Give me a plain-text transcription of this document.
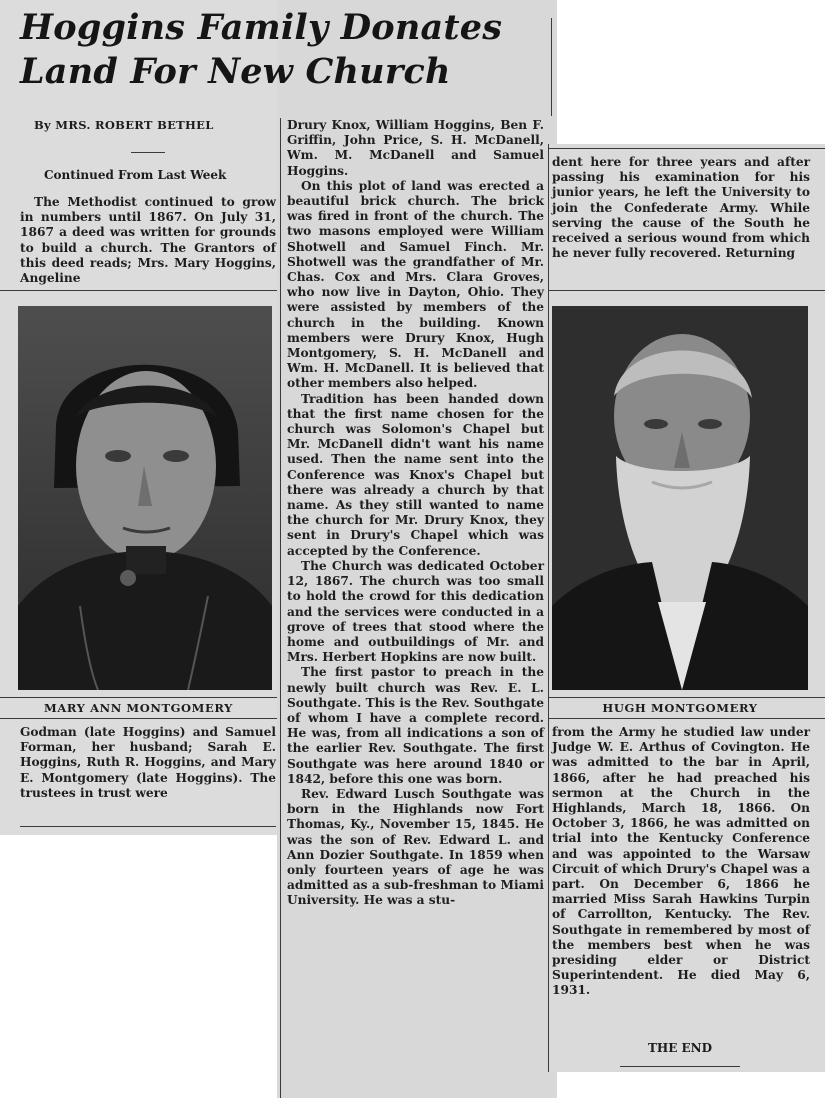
Hoggins Family Donates
Land For New Church
By MRS. ROBERT BETHEL
Continued From Last Week

The Methodist continued to grow in numbers until 1867. On July 31, 1867 a deed was written for grounds to build a church. The Grantors of this deed reads; Mrs. Mary Hoggins, Angeline

MARY ANN MONTGOMERY

Godman (late Hoggins) and Samuel Forman, her husband; Sarah E. Hoggins, Ruth R. Hoggins, and Mary E. Montgomery (late Hoggins). The trustees in trust were

Drury Knox, William Hoggins, Ben F. Griffin, John Price, S. H. McDanell, Wm. M. McDanell and Samuel Hoggins.

On this plot of land was erected a beautiful brick church. The brick was fired in front of the church. The two masons employed were William Shotwell and Samuel Finch. Mr. Shotwell was the grandfather of Mr. Chas. Cox and Mrs. Clara Groves, who now live in Dayton, Ohio. They were assisted by members of the church in the building. Known members were Drury Knox, Hugh Montgomery, S. H. McDanell and Wm. H. McDanell. It is believed that other members also helped.

Tradition has been handed down that the first name chosen for the church was Solomon's Chapel but Mr. McDanell didn't want his name used. Then the name sent into the Conference was Knox's Chapel but there was already a church by that name. As they still wanted to name the church for Mr. Drury Knox, they sent in Drury's Chapel which was accepted by the Conference.

The Church was dedicated October 12, 1867. The church was too small to hold the crowd for this dedication and the services were conducted in a grove of trees that stood where the home and outbuildings of Mr. and Mrs. Herbert Hopkins are now built.

The first pastor to preach in the newly built church was Rev. E. L. Southgate. This is the Rev. Southgate of whom I have a complete record. He was, from all indications a son of the earlier Rev. Southgate. The first Southgate was here around 1840 or 1842, before this one was born.

Rev. Edward Lusch Southgate was born in the Highlands now Fort Thomas, Ky., November 15, 1845. He was the son of Rev. Edward L. and Ann Dozier Southgate. In 1859 when only fourteen years of age he was admitted as a sub-freshman to Miami University. He was a stu-

dent here for three years and after passing his examination for his junior years, he left the University to join the Confederate Army. While serving the cause of the South he received a serious wound from which he never fully recovered. Returning

HUGH MONTGOMERY

from the Army he studied law under Judge W. E. Arthus of Covington. He was admitted to the bar in April, 1866, after he had preached his sermon at the Church in the Highlands, March 18, 1866. On October 3, 1866, he was admitted on trial into the Kentucky Conference and was appointed to the Warsaw Circuit of which Drury's Chapel was a part. On December 6, 1866 he married Miss Sarah Hawkins Turpin of Carrollton, Kentucky. The Rev. Southgate in remembered by most of the members best when he was presiding elder or District Superintendent. He died May 6, 1931.

THE END
